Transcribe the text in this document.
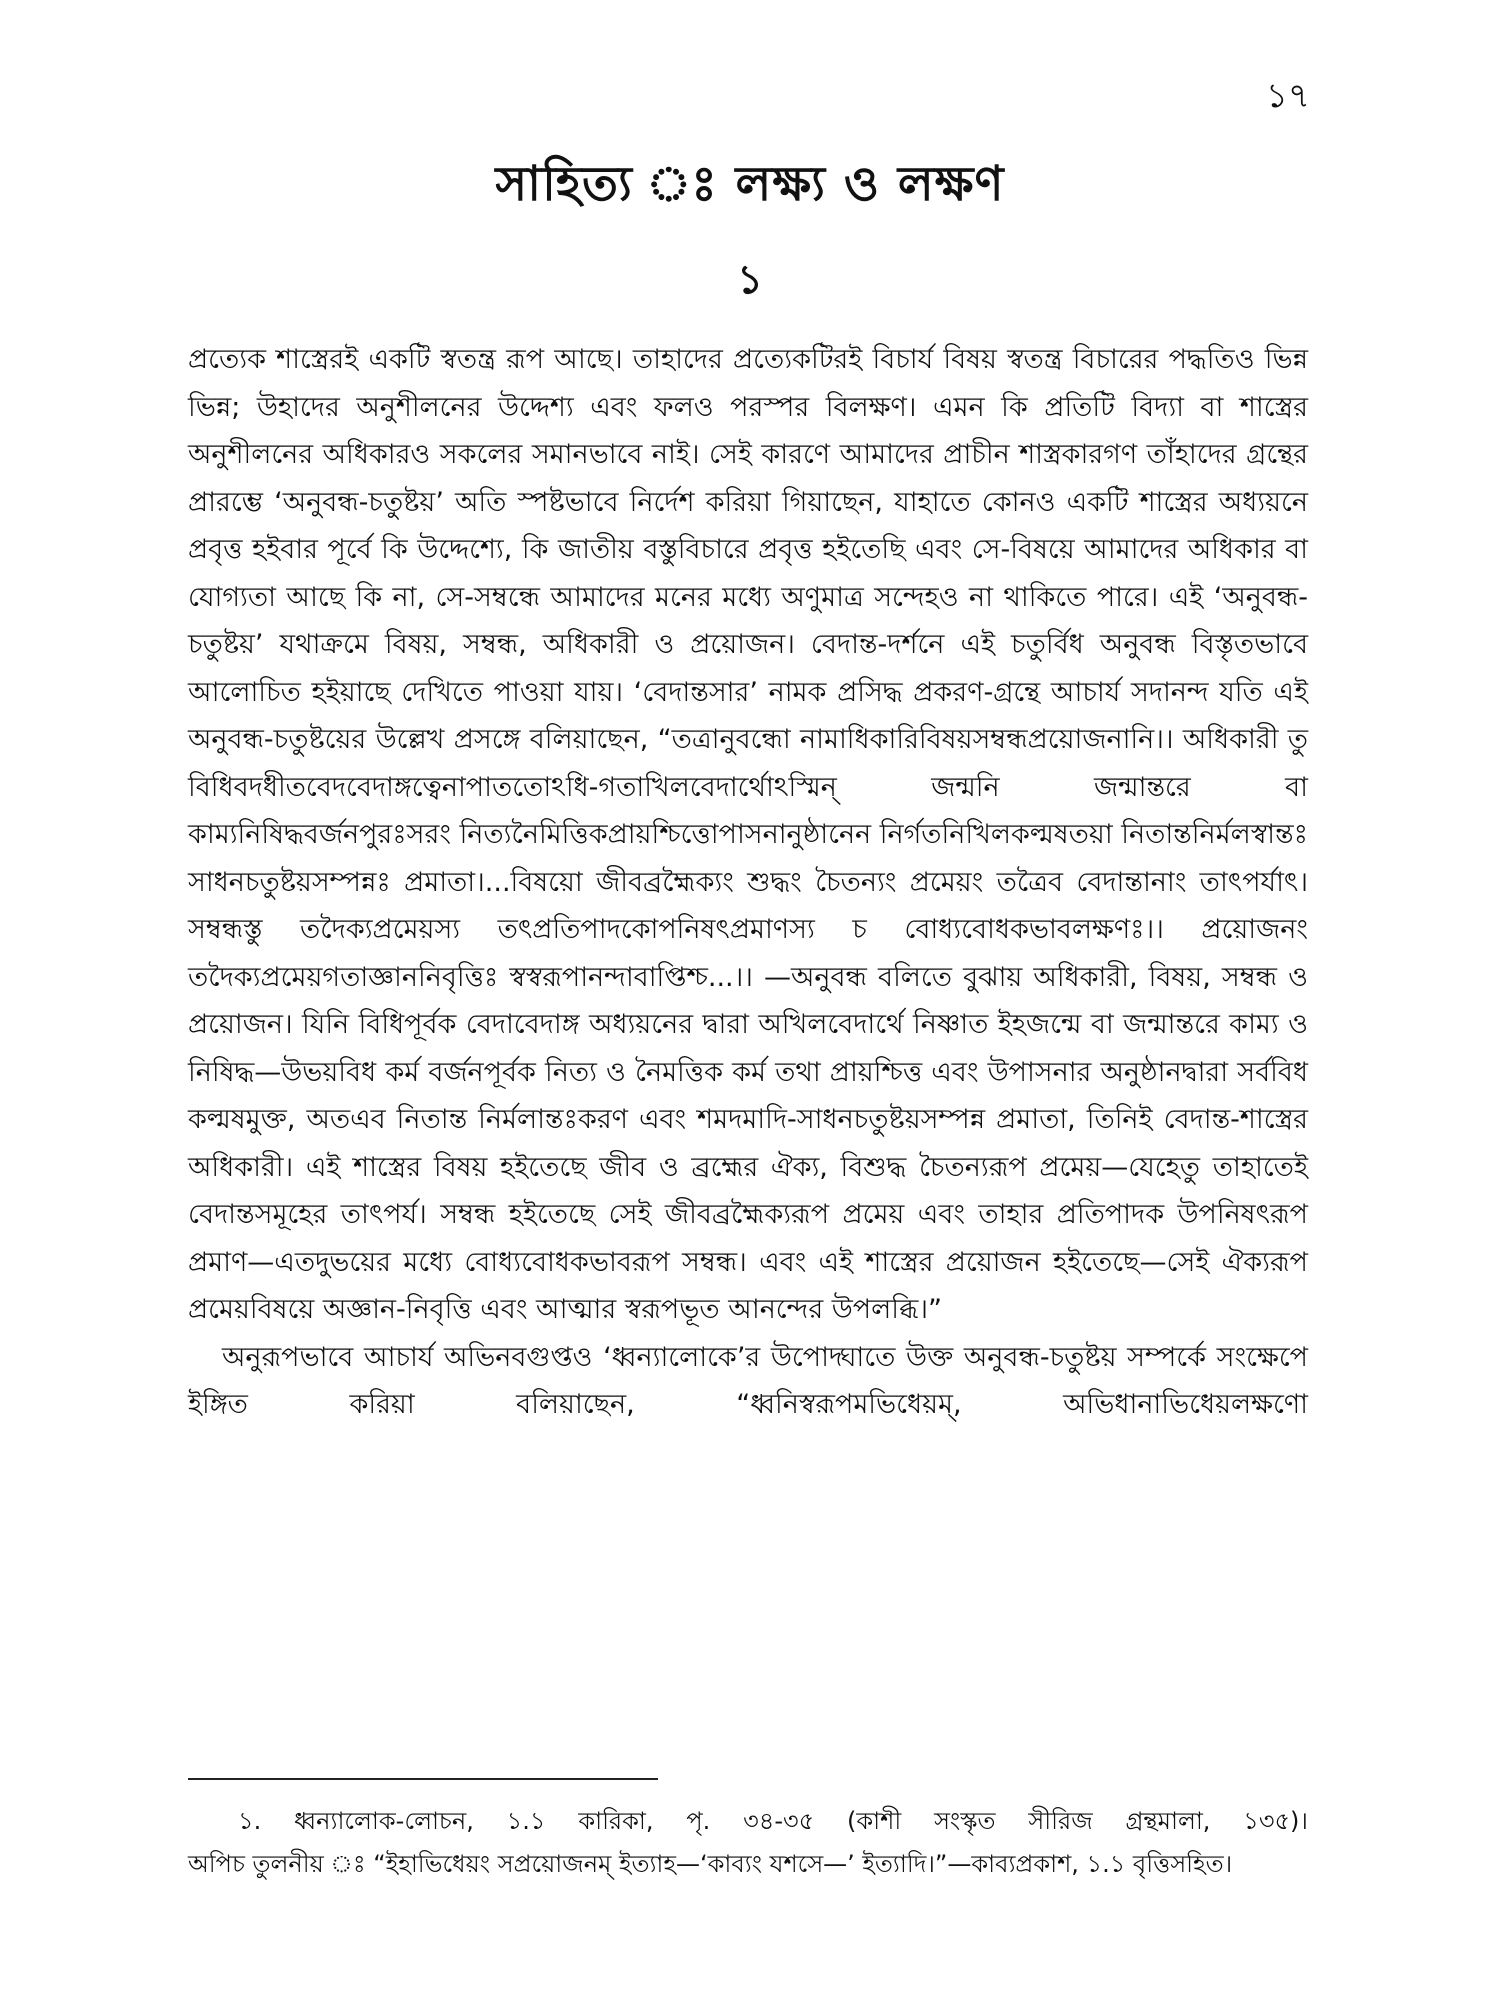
১৭
সাহিত্য ঃ লক্ষ্য ও লক্ষণ
১

প্রত্যেক শাস্ত্রেরই একটি স্বতন্ত্র রূপ আছে। তাহাদের প্রত্যেকটিরই বিচার্য বিষয় স্বতন্ত্র বিচারের পদ্ধতিও ভিন্ন ভিন্ন; উহাদের অনুশীলনের উদ্দেশ্য এবং ফলও পরস্পর বিলক্ষণ। এমন কি প্রতিটি বিদ্যা বা শাস্ত্রের অনুশীলনের অধিকারও সকলের সমানভাবে নাই। সেই কারণে আমাদের প্রাচীন শাস্ত্রকারগণ তাঁহাদের গ্রন্থের প্রারম্ভে ‘অনুবন্ধ-চতুষ্টয়’ অতি স্পষ্টভাবে নির্দেশ করিয়া গিয়াছেন, যাহাতে কোনও একটি শাস্ত্রের অধ্যয়নে প্রবৃত্ত হইবার পূর্বে কি উদ্দেশ্যে, কি জাতীয় বস্তুবিচারে প্রবৃত্ত হইতেছি এবং সে-বিষয়ে আমাদের অধিকার বা যোগ্যতা আছে কি না, সে-সম্বন্ধে আমাদের মনের মধ্যে অণুমাত্র সন্দেহও না থাকিতে পারে। এই ‘অনুবন্ধ-চতুষ্টয়’ যথাক্রমে বিষয়, সম্বন্ধ, অধিকারী ও প্রয়োজন। বেদান্ত-দর্শনে এই চতুর্বিধ অনুবন্ধ বিস্তৃতভাবে আলোচিত হইয়াছে দেখিতে পাওয়া যায়। ‘বেদান্তসার’ নামক প্রসিদ্ধ প্রকরণ-গ্রন্থে আচার্য সদানন্দ যতি এই অনুবন্ধ-চতুষ্টয়ের উল্লেখ প্রসঙ্গে বলিয়াছেন, “তত্রানুবন্ধো নামাধিকারিবিষয়সম্বন্ধপ্রয়োজনানি।। অধিকারী তু বিধিবদধীতবেদবেদাঙ্গত্বেনাপাততোঽধি-গতাখিলবেদার্থোঽস্মিন্ জন্মনি জন্মান্তরে বা কাম্যনিষিদ্ধবর্জনপুরঃসরং নিত্যনৈমিত্তিকপ্রায়শ্চিত্তোপাসনানুষ্ঠানেন নির্গতনিখিলকল্মষতয়া নিতান্তনির্মলস্বান্তঃ সাধনচতুষ্টয়সম্পন্নঃ প্রমাতা।...বিষয়ো জীবব্রহ্মৈক্যং শুদ্ধং চৈতন্যং প্রমেয়ং তত্রৈব বেদান্তানাং তাৎপর্যাৎ। সম্বন্ধস্তু তদৈক্যপ্রমেয়স্য তৎপ্রতিপাদকোপনিষৎপ্রমাণস্য চ বোধ্যবোধকভাবলক্ষণঃ।। প্রয়োজনং তদৈক্যপ্রমেয়গতাজ্ঞাননিবৃত্তিঃ স্বস্বরূপানন্দাবাপ্তিশ্চ...।। —অনুবন্ধ বলিতে বুঝায় অধিকারী, বিষয়, সম্বন্ধ ও প্রয়োজন। যিনি বিধিপূর্বক বেদাবেদাঙ্গ অধ্যয়নের দ্বারা অখিলবেদার্থে নিষ্ণাত ইহজন্মে বা জন্মান্তরে কাম্য ও নিষিদ্ধ—উভয়বিধ কর্ম বর্জনপূর্বক নিত্য ও নৈমত্তিক কর্ম তথা প্রায়শ্চিত্ত এবং উপাসনার অনুষ্ঠানদ্বারা সর্ববিধ কল্মষমুক্ত, অতএব নিতান্ত নির্মলান্তঃকরণ এবং শমদমাদি-সাধনচতুষ্টয়সম্পন্ন প্রমাতা, তিনিই বেদান্ত-শাস্ত্রের অধিকারী। এই শাস্ত্রের বিষয় হইতেছে জীব ও ব্রহ্মের ঐক্য, বিশুদ্ধ চৈতন্যরূপ প্রমেয়—যেহেতু তাহাতেই বেদান্তসমূহের তাৎপর্য। সম্বন্ধ হইতেছে সেই জীবব্রহ্মৈক্যরূপ প্রমেয় এবং তাহার প্রতিপাদক উপনিষৎরূপ প্রমাণ—এতদুভয়ের মধ্যে বোধ্যবোধকভাবরূপ সম্বন্ধ। এবং এই শাস্ত্রের প্রয়োজন হইতেছে—সেই ঐক্যরূপ প্রমেয়বিষয়ে অজ্ঞান-নিবৃত্তি এবং আত্মার স্বরূপভূত আনন্দের উপলব্ধি।”

অনুরূপভাবে আচার্য অভিনবগুপ্তও ‘ধ্বন্যালোকে’র উপোদ্ঘাতে উক্ত অনুবন্ধ-চতুষ্টয় সম্পর্কে সংক্ষেপে ইঙ্গিত করিয়া বলিয়াছেন, “ধ্বনিস্বরূপমভিধেয়ম্, অভিধানাভিধেয়লক্ষণো

১. ধ্বন্যালোক-লোচন, ১.১ কারিকা, পৃ. ৩৪-৩৫ (কাশী সংস্কৃত সীরিজ গ্রন্থমালা, ১৩৫)।

অপিচ তুলনীয় ঃ “ইহাভিধেয়ং সপ্রয়োজনম্ ইত্যাহ—‘কাব্যং যশসে—’ ইত্যাদি।”—কাব্যপ্রকাশ, ১.১ বৃত্তিসহিত।
